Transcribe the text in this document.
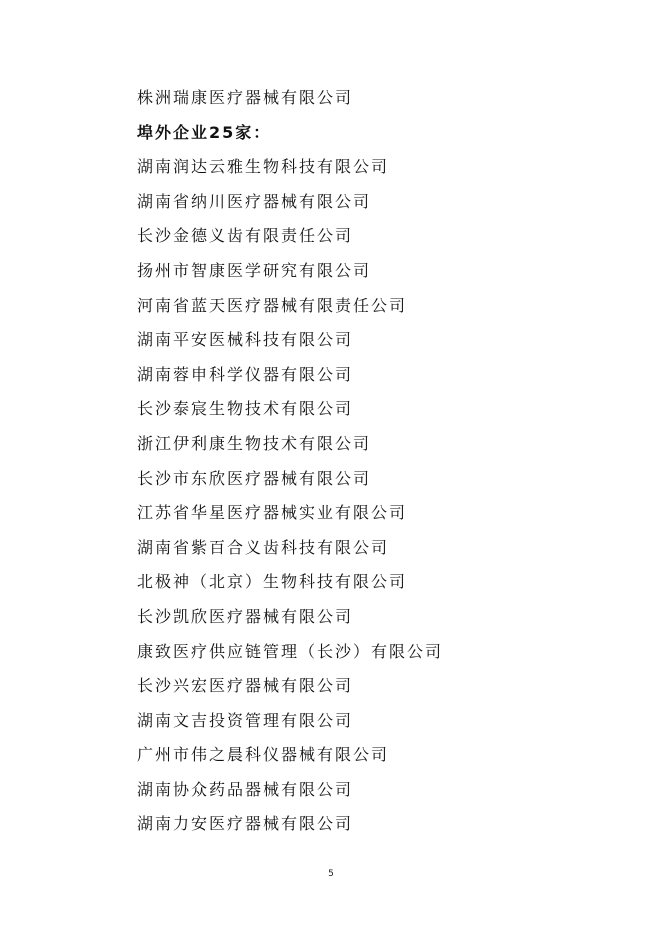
株洲瑞康医疗器械有限公司
埠外企业25家：
湖南润达云雅生物科技有限公司
湖南省纳川医疗器械有限公司
长沙金德义齿有限责任公司
扬州市智康医学研究有限公司
河南省蓝天医疗器械有限责任公司
湖南平安医械科技有限公司
湖南蓉申科学仪器有限公司
长沙泰宸生物技术有限公司
浙江伊利康生物技术有限公司
长沙市东欣医疗器械有限公司
江苏省华星医疗器械实业有限公司
湖南省紫百合义齿科技有限公司
北极神（北京）生物科技有限公司
长沙凯欣医疗器械有限公司
康致医疗供应链管理（长沙）有限公司
长沙兴宏医疗器械有限公司
湖南文吉投资管理有限公司
广州市伟之晨科仪器械有限公司
湖南协众药品器械有限公司
湖南力安医疗器械有限公司
5
